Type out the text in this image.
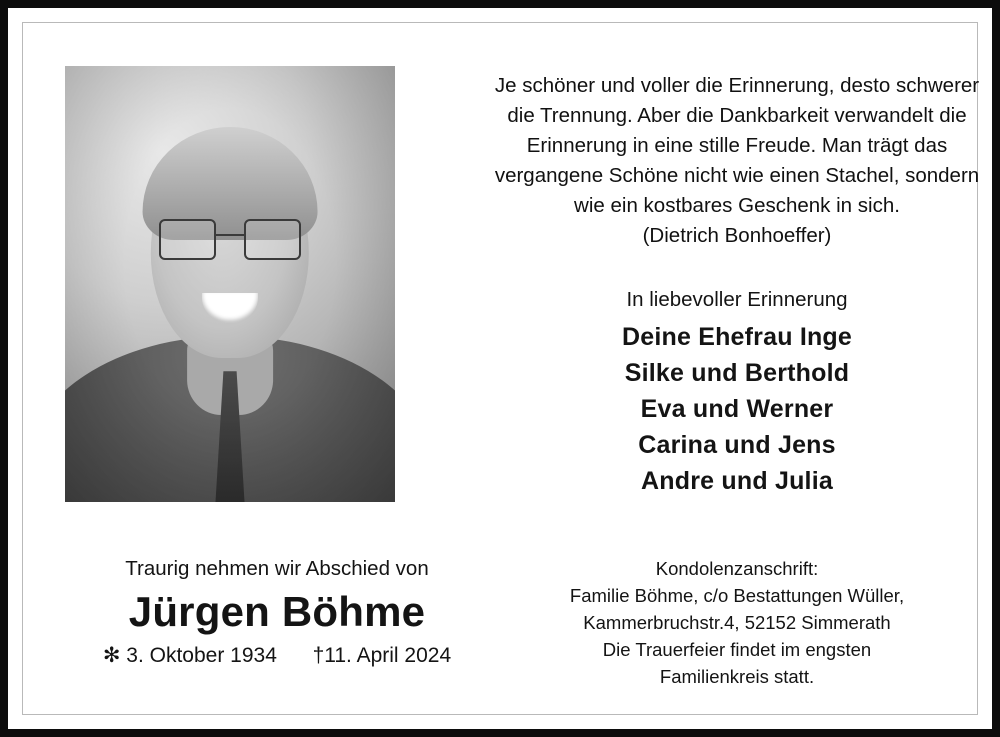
Je schöner und voller die Erinnerung, desto schwerer die Trennung. Aber die Dankbarkeit verwandelt die Erinnerung in eine stille Freude. Man trägt das vergangene Schöne nicht wie einen Stachel, sondern wie ein kostbares Geschenk in sich. (Dietrich Bonhoeffer)
In liebevoller Erinnerung
Deine Ehefrau Inge
Silke und Berthold
Eva und Werner
Carina und Jens
Andre und Julia
Traurig nehmen wir Abschied von
Jürgen Böhme
✻ 3. Oktober 1934 †11. April 2024
Kondolenzanschrift:
Familie Böhme, c/o Bestattungen Wüller,
Kammerbruchstr.4, 52152 Simmerath
Die Trauerfeier findet im engsten
Familienkreis statt.
